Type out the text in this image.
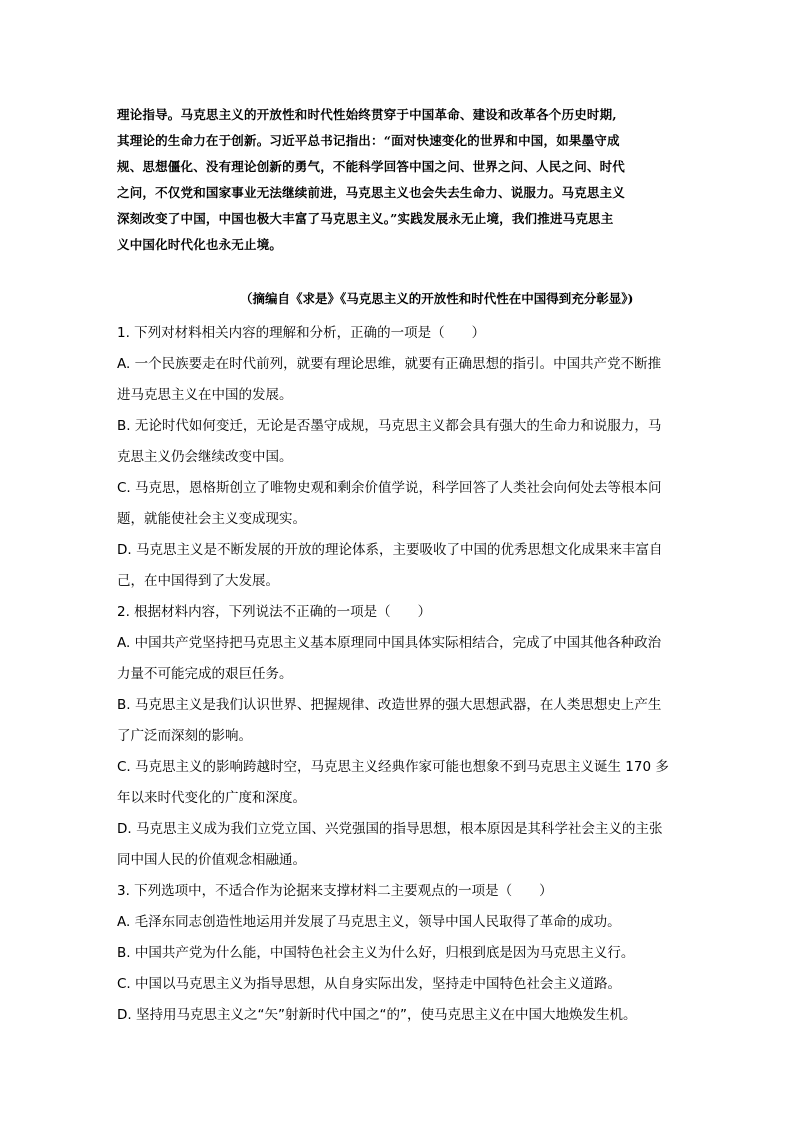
理论指导。马克思主义的开放性和时代性始终贯穿于中国革命、建设和改革各个历史时期,
其理论的生命力在于创新。习近平总书记指出：“面对快速变化的世界和中国，如果墨守成
规、思想僵化、没有理论创新的勇气，不能科学回答中国之问、世界之问、人民之问、时代
之问，不仅党和国家事业无法继续前进，马克思主义也会失去生命力、说服力。马克思主义
深刻改变了中国，中国也极大丰富了马克思主义。”实践发展永无止境，我们推进马克思主
义中国化时代化也永无止境。
（摘编自《求是》《马克思主义的开放性和时代性在中国得到充分彰显》)
1. 下列对材料相关内容的理解和分析，正确的一项是（　　）
A. 一个民族要走在时代前列，就要有理论思维，就要有正确思想的指引。中国共产党不断推
进马克思主义在中国的发展。
B. 无论时代如何变迁，无论是否墨守成规，马克思主义都会具有强大的生命力和说服力，马
克思主义仍会继续改变中国。
C. 马克思，恩格斯创立了唯物史观和剩余价值学说，科学回答了人类社会向何处去等根本问
题，就能使社会主义变成现实。
D. 马克思主义是不断发展的开放的理论体系，主要吸收了中国的优秀思想文化成果来丰富自
己，在中国得到了大发展。
2. 根据材料内容，下列说法不正确的一项是（　　）
A. 中国共产党坚持把马克思主义基本原理同中国具体实际相结合，完成了中国其他各种政治
力量不可能完成的艰巨任务。
B. 马克思主义是我们认识世界、把握规律、改造世界的强大思想武器，在人类思想史上产生
了广泛而深刻的影响。
C. 马克思主义的影响跨越时空，马克思主义经典作家可能也想象不到马克思主义诞生 170 多
年以来时代变化的广度和深度。
D. 马克思主义成为我们立党立国、兴党强国的指导思想，根本原因是其科学社会主义的主张
同中国人民的价值观念相融通。
3. 下列选项中，不适合作为论据来支撑材料二主要观点的一项是（　　）
A. 毛泽东同志创造性地运用并发展了马克思主义，领导中国人民取得了革命的成功。
B. 中国共产党为什么能，中国特色社会主义为什么好，归根到底是因为马克思主义行。
C. 中国以马克思主义为指导思想，从自身实际出发，坚持走中国特色社会主义道路。
D. 坚持用马克思主义之“矢”射新时代中国之“的”，使马克思主义在中国大地焕发生机。
